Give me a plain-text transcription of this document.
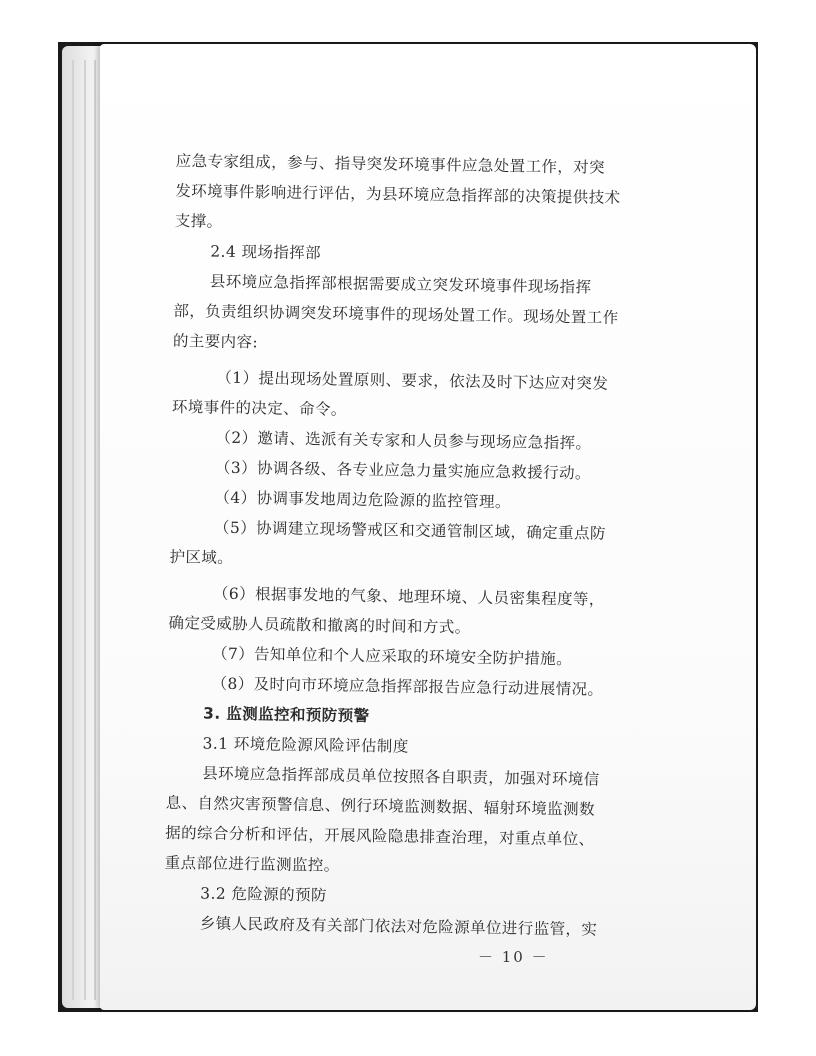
应急专家组成，参与、指导突发环境事件应急处置工作，对突
发环境事件影响进行评估，为县环境应急指挥部的决策提供技术
支撑。
2.4 现场指挥部
县环境应急指挥部根据需要成立突发环境事件现场指挥
部，负责组织协调突发环境事件的现场处置工作。现场处置工作
的主要内容:
（1）提出现场处置原则、要求，依法及时下达应对突发
环境事件的决定、命令。
（2）邀请、选派有关专家和人员参与现场应急指挥。
（3）协调各级、各专业应急力量实施应急救援行动。
（4）协调事发地周边危险源的监控管理。
（5）协调建立现场警戒区和交通管制区域，确定重点防
护区域。
（6）根据事发地的气象、地理环境、人员密集程度等，
确定受威胁人员疏散和撤离的时间和方式。
（7）告知单位和个人应采取的环境安全防护措施。
（8）及时向市环境应急指挥部报告应急行动进展情况。
3. 监测监控和预防预警
3.1 环境危险源风险评估制度
县环境应急指挥部成员单位按照各自职责，加强对环境信
息、自然灾害预警信息、例行环境监测数据、辐射环境监测数
据的综合分析和评估，开展风险隐患排查治理，对重点单位、
重点部位进行监测监控。
3.2 危险源的预防
乡镇人民政府及有关部门依法对危险源单位进行监管，实
－ 10 －
